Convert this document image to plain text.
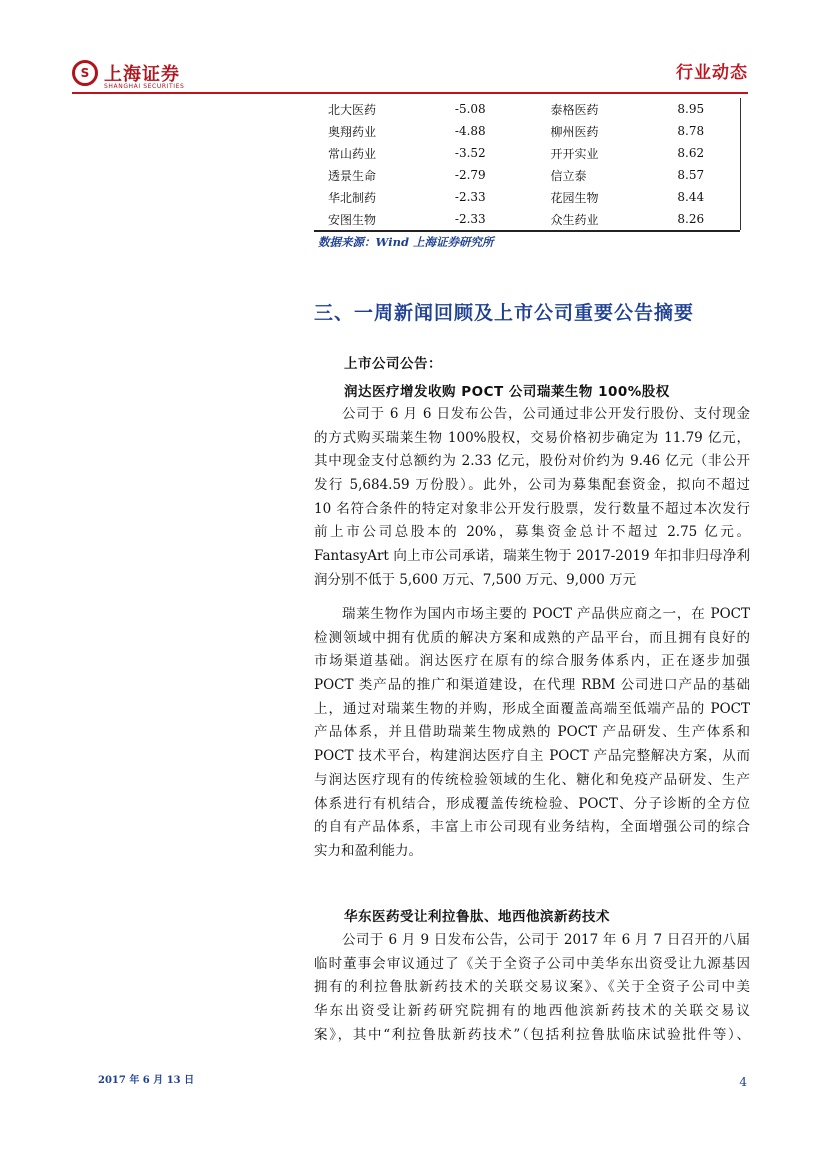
S 上海证券
SHANGHAI SECURITIES
行业动态
北大医药	-5.08	泰格医药	8.95
奥翔药业	-4.88	柳州医药	8.78
常山药业	-3.52	开开实业	8.62
透景生命	-2.79	信立泰	8.57
华北制药	-2.33	花园生物	8.44
安图生物	-2.33	众生药业	8.26
数据来源：Wind 上海证券研究所
三、一周新闻回顾及上市公司重要公告摘要
上市公司公告：
润达医疗增发收购 POCT 公司瑞莱生物 100%股权
公司于 6 月 6 日发布公告，公司通过非公开发行股份、支付现金
的方式购买瑞莱生物 100%股权，交易价格初步确定为 11.79 亿元，
其中现金支付总额约为 2.33 亿元，股份对价约为 9.46 亿元（非公开
发行 5,684.59 万份股）。此外，公司为募集配套资金，拟向不超过
10 名符合条件的特定对象非公开发行股票，发行数量不超过本次发行
前上市公司总股本的 20%，募集资金总计不超过 2.75 亿元。
FantasyArt 向上市公司承诺，瑞莱生物于 2017-2019 年扣非归母净利
润分别不低于 5,600 万元、7,500 万元、9,000 万元
瑞莱生物作为国内市场主要的 POCT 产品供应商之一，在 POCT
检测领域中拥有优质的解决方案和成熟的产品平台，而且拥有良好的
市场渠道基础。润达医疗在原有的综合服务体系内，正在逐步加强
POCT 类产品的推广和渠道建设，在代理 RBM 公司进口产品的基础
上，通过对瑞莱生物的并购，形成全面覆盖高端至低端产品的 POCT
产品体系，并且借助瑞莱生物成熟的 POCT 产品研发、生产体系和
POCT 技术平台，构建润达医疗自主 POCT 产品完整解决方案，从而
与润达医疗现有的传统检验领域的生化、糖化和免疫产品研发、生产
体系进行有机结合，形成覆盖传统检验、POCT、分子诊断的全方位
的自有产品体系，丰富上市公司现有业务结构，全面增强公司的综合
实力和盈利能力。
华东医药受让利拉鲁肽、地西他滨新药技术
公司于 6 月 9 日发布公告，公司于 2017 年 6 月 7 日召开的八届
临时董事会审议通过了《关于全资子公司中美华东出资受让九源基因
拥有的利拉鲁肽新药技术的关联交易议案》、《关于全资子公司中美
华东出资受让新药研究院拥有的地西他滨新药技术的关联交易议
案》，其中“利拉鲁肽新药技术”（包括利拉鲁肽临床试验批件等）、
2017 年 6 月 13 日	4
